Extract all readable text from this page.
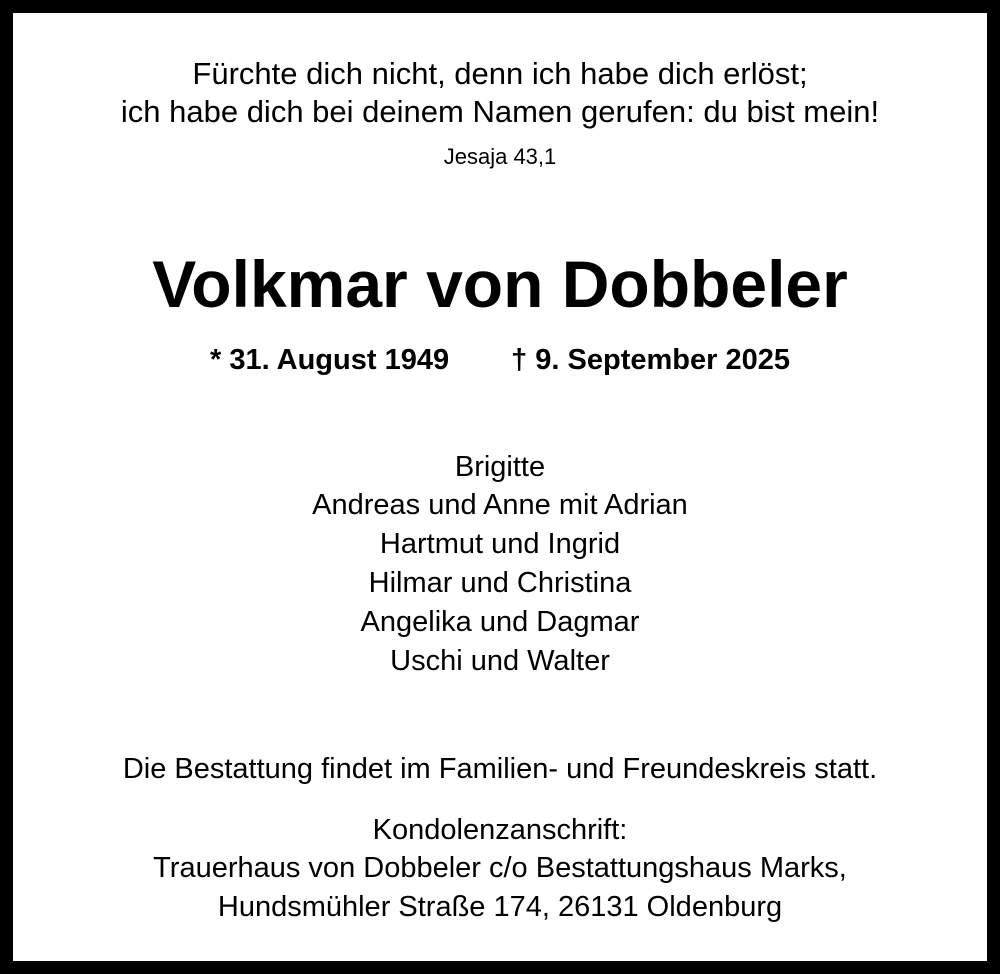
Fürchte dich nicht, denn ich habe dich erlöst;
ich habe dich bei deinem Namen gerufen: du bist mein!
Jesaja 43,1
Volkmar von Dobbeler
* 31. August 1949 † 9. September 2025
Brigitte
Andreas und Anne mit Adrian
Hartmut und Ingrid
Hilmar und Christina
Angelika und Dagmar
Uschi und Walter
Die Bestattung findet im Familien- und Freundeskreis statt.
Kondolenzanschrift:
Trauerhaus von Dobbeler c/o Bestattungshaus Marks,
Hundsmühler Straße 174, 26131 Oldenburg
